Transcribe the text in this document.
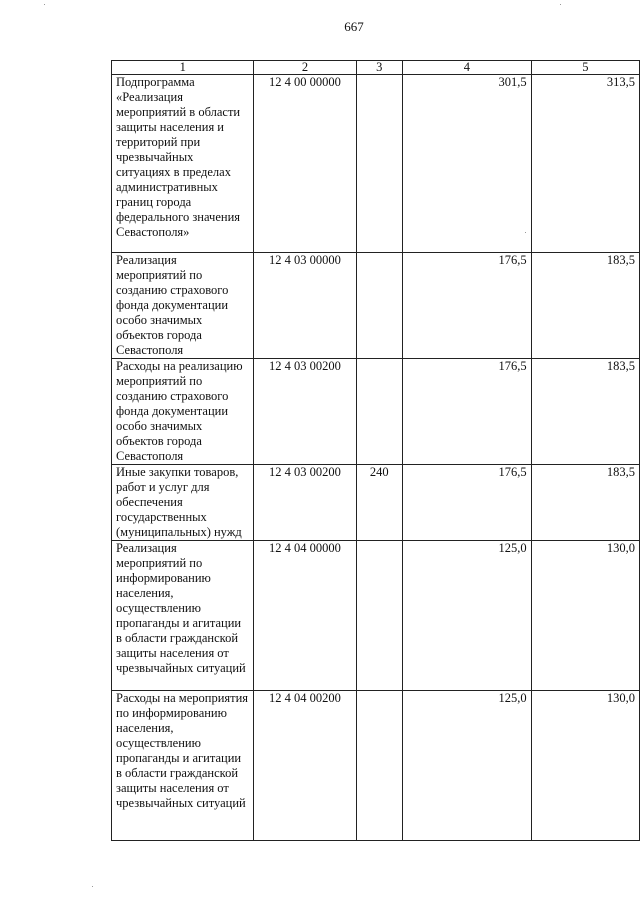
667
1	2	3	4	5
Подпрограмма «Реализация мероприятий в области защиты населения и территорий при чрезвычайных ситуациях в пределах административных границ города федерального значения Севастополя»	12 4 00 00000		301,5	313,5
Реализация мероприятий по созданию страхового фонда документации особо значимых объектов города Севастополя	12 4 03 00000		176,5	183,5
Расходы на реализацию мероприятий по созданию страхового фонда документации особо значимых объектов города Севастополя	12 4 03 00200		176,5	183,5
Иные закупки товаров, работ и услуг для обеспечения государственных (муниципальных) нужд	12 4 03 00200	240	176,5	183,5
Реализация мероприятий по информированию населения, осуществлению пропаганды и агитации в области гражданской защиты населения от чрезвычайных ситуаций	12 4 04 00000		125,0	130,0
Расходы на мероприятия по информированию населения, осуществлению пропаганды и агитации в области гражданской защиты населения от чрезвычайных ситуаций	12 4 04 00200		125,0	130,0
